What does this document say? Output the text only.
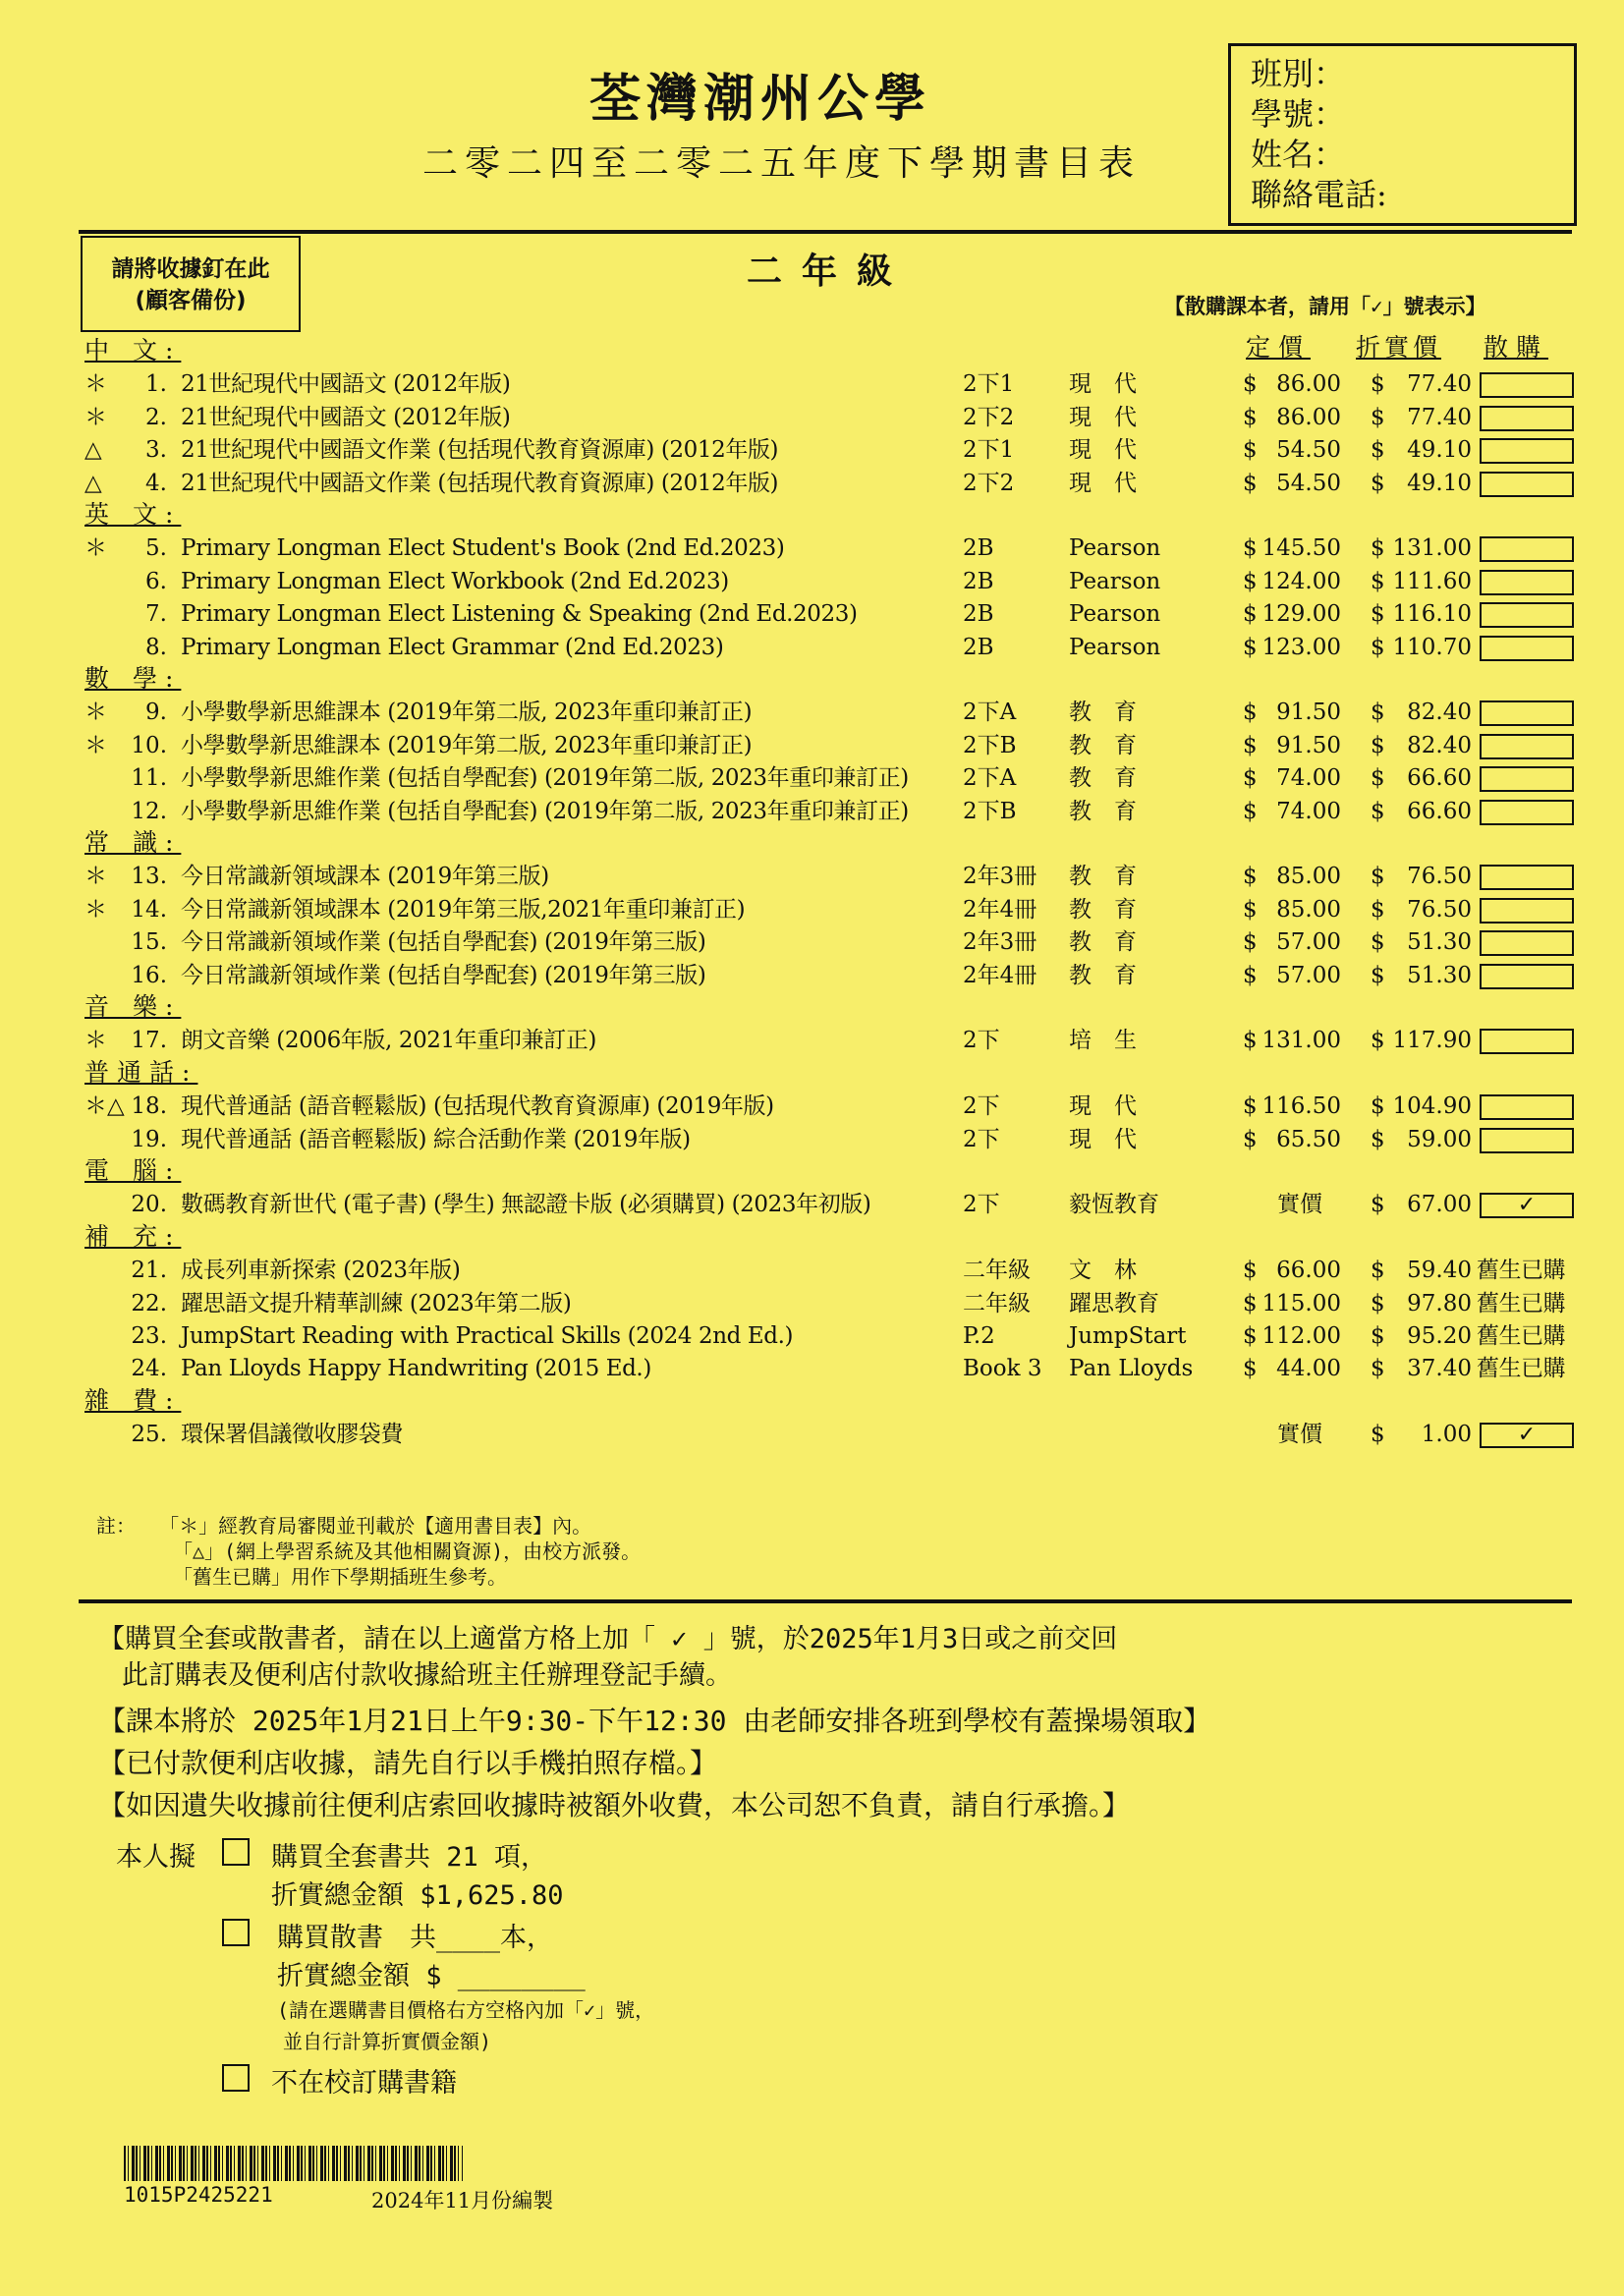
荃灣潮州公學
二零二四至二零二五年度下學期書目表
班別：
學號：
姓名：
聯絡電話:
請將收據釘在此
(顧客備份)
二年級
【散購課本者，請用「✓」號表示】
定價 折實價 散購
中 文:
＊	1. 21世紀現代中國語文 (2012年版)	2下1 現　代	$ 86.00 $ 77.40
＊	2. 21世紀現代中國語文 (2012年版)	2下2 現　代	$ 86.00 $ 77.40
△	3. 21世紀現代中國語文作業 (包括現代教育資源庫) (2012年版)	2下1 現　代	$ 54.50 $ 49.10
△	4. 21世紀現代中國語文作業 (包括現代教育資源庫) (2012年版)	2下2 現　代	$ 54.50 $ 49.10
英 文:
＊	5. Primary Longman Elect Student's Book (2nd Ed.2023)	2B	Pearson	$ 145.50 $ 131.00
6. Primary Longman Elect Workbook (2nd Ed.2023)	2B	Pearson	$ 124.00 $ 111.60
7. Primary Longman Elect Listening & Speaking (2nd Ed.2023)	2B	Pearson	$ 129.00 $ 116.10
8. Primary Longman Elect Grammar (2nd Ed.2023)	2B	Pearson	$ 123.00 $ 110.70
數 學:
＊	9. 小學數學新思維課本 (2019年第二版, 2023年重印兼訂正)	2下A 教　育	$ 91.50 $ 82.40
＊	10. 小學數學新思維課本 (2019年第二版, 2023年重印兼訂正)	2下B 教　育	$ 91.50 $ 82.40
11. 小學數學新思維作業 (包括自學配套) (2019年第二版, 2023年重印兼訂正) 2下A 教　育	$ 74.00 $ 66.60
12. 小學數學新思維作業 (包括自學配套) (2019年第二版, 2023年重印兼訂正) 2下B 教　育	$ 74.00 $ 66.60
常 識:
＊	13. 今日常識新領域課本 (2019年第三版)	2年3冊 教　育	$ 85.00 $ 76.50
＊	14. 今日常識新領域課本 (2019年第三版,2021年重印兼訂正)	2年4冊 教　育	$ 85.00 $ 76.50
15. 今日常識新領域作業 (包括自學配套) (2019年第三版)	2年3冊 教　育	$ 57.00 $ 51.30
16. 今日常識新領域作業 (包括自學配套) (2019年第三版)	2年4冊 教　育	$ 57.00 $ 51.30
音 樂:
＊	17. 朗文音樂 (2006年版, 2021年重印兼訂正)	2下	培　生	$ 131.00 $ 117.90
普通話:
＊△ 18. 現代普通話 (語音輕鬆版) (包括現代教育資源庫) (2019年版)	2下	現　代	$ 116.50 $ 104.90
19. 現代普通話 (語音輕鬆版) 綜合活動作業 (2019年版)	2下	現　代	$ 65.50 $ 59.00
電 腦:
20. 數碼教育新世代 (電子書) (學生) 無認證卡版 (必須購買) (2023年初版)	2下	毅恆教育	實價 $ 67.00	✓
補 充:
21. 成長列車新探索 (2023年版)	二年級 文　林	$ 66.00 $ 59.40 舊生已購
22. 躍思語文提升精華訓練 (2023年第二版)	二年級 躍思教育	$ 115.00 $ 97.80 舊生已購
23. JumpStart Reading with Practical Skills (2024 2nd Ed.)	P.2	JumpStart $ 112.00 $ 95.20 舊生已購
24. Pan Lloyds Happy Handwriting (2015 Ed.)	Book 3 Pan Lloyds $ 44.00 $ 37.40 舊生已購
雜 費:
25. 環保署倡議徵收膠袋費	實價 $	1.00	✓
註： 「＊」經教育局審閱並刊載於【適用書目表】內。
「△」(網上學習系統及其他相關資源)，由校方派發。
「舊生已購」用作下學期插班生參考。
【購買全套或散書者，請在以上適當方格上加「 ✓ 」號，於2025年1月3日或之前交回
此訂購表及便利店付款收據給班主任辦理登記手續。
【課本將於 2025年1月21日上午9:30-下午12:30 由老師安排各班到學校有蓋操場領取】
【已付款便利店收據，請先自行以手機拍照存檔。】
【如因遺失收據前往便利店索回收據時被額外收費，本公司恕不負責，請自行承擔。】
本人擬	購買全套書共 21 項，
折實總金額 $1,625.80
購買散書　共____本，
折實總金額 $ ________
(請在選購書目價格右方空格內加「✓」號，
並自行計算折實價金額)
不在校訂購書籍
1015P2425221	2024年11月份編製
